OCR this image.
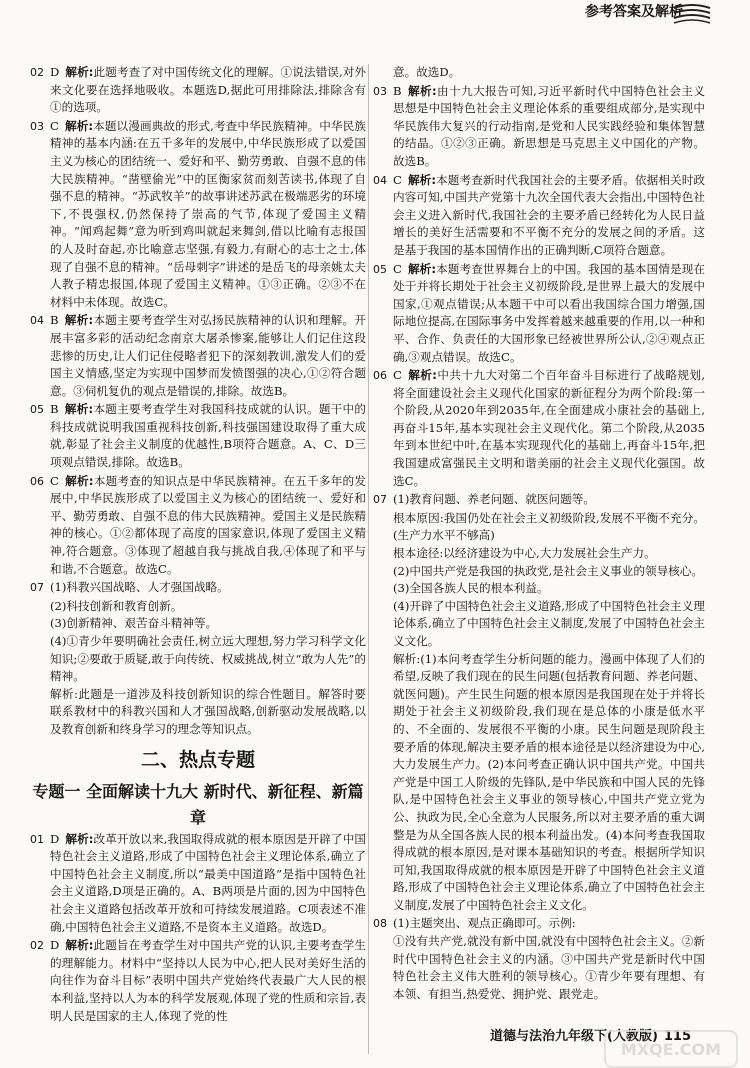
参考答案及解析
02 D 解析:此题考查了对中国传统文化的理解。①说法错误,对外来文化要在选择地吸收。本题选D,据此可用排除法,排除含有①的选项。
03 C 解析:本题以漫画典故的形式,考查中华民族精神。中华民族精神的基本内涵:在五千多年的发展中,中华民族形成了以爱国主义为核心的团结统一、爱好和平、勤劳勇敢、自强不息的伟大民族精神。“凿壁偷光”中的匡衡家贫而刻苦读书,体现了自强不息的精神。“苏武牧羊”的故事讲述苏武在极端恶劣的环境下,不畏强权,仍然保持了崇高的气节,体现了爱国主义精神。“闻鸡起舞”意为听到鸡叫就起来舞剑,借以比喻有志报国的人及时奋起,亦比喻意志坚强,有毅力,有耐心的志士之士,体现了自强不息的精神。“岳母刺字”讲述的是岳飞的母亲姚太夫人教子精忠报国,体现了爱国主义精神。①③正确。②③不在材料中未体现。故选C。
04 B 解析:本题主要考查学生对弘扬民族精神的认识和理解。开展丰富多彩的活动纪念南京大屠杀惨案,能够让人们记住这段悲惨的历史,让人们记住侵略者犯下的深刻教训,激发人们的爱国主义情感,坚定为实现中国梦而发愤图强的决心,①②符合题意。③伺机复仇的观点是错误的,排除。故选B。
05 B 解析:本题主要考查学生对我国科技成就的认识。题干中的科技成就说明我国重视科技创新,科技强国建设取得了重大成就,彰显了社会主义制度的优越性,B项符合题意。A、C、D三项观点错误,排除。故选B。
06 C 解析:本题考查的知识点是中华民族精神。在五千多年的发展中,中华民族形成了以爱国主义为核心的团结统一、爱好和平、勤劳勇敢、自强不息的伟大民族精神。爱国主义是民族精神的核心。①②都体现了高度的国家意识,体现了爱国主义精神,符合题意。③体现了超越自我与挑战自我,④体现了和平与和谐,不合题意。故选C。
07 (1)科教兴国战略、人才强国战略。
(2)科技创新和教育创新。
(3)创新精神、艰苦奋斗精神等。
(4)①青少年要明确社会责任,树立远大理想,努力学习科学文化知识;②要敢于质疑,敢于向传统、权威挑战,树立“敢为人先”的精神。
解析:此题是一道涉及科技创新知识的综合性题目。解答时要联系教材中的科教兴国和人才强国战略,创新驱动发展战略,以及教育创新和终身学习的理念等知识点。
二、热点专题
专题一 全面解读十九大 新时代、新征程、新篇章
01 D 解析:改革开放以来,我国取得成就的根本原因是开辟了中国特色社会主义道路,形成了中国特色社会主义理论体系,确立了中国特色社会主义制度,所以“最美中国道路”是指中国特色社会主义道路,D项是正确的。A、B两项是片面的,因为中国特色社会主义道路包括改革开放和可持续发展道路。C项表述不准确,中国特色社会主义道路,不是资本主义道路。故选D。
02 D 解析:此题旨在考查学生对中国共产党的认识,主要考查学生的理解能力。材料中“坚持以人民为中心,把人民对美好生活的向往作为奋斗目标”表明中国共产党始终代表最广大人民的根本利益,坚持以人为本的科学发展观,体现了党的性质和宗旨,表明人民是国家的主人,体现了党的性
意。故选D。
03 B 解析:由十九大报告可知,习近平新时代中国特色社会主义思想是中国特色社会主义理论体系的重要组成部分,是实现中华民族伟大复兴的行动指南,是党和人民实践经验和集体智慧的结晶。①②③正确。新思想是马克思主义中国化的产物。故选B。
04 C 解析:本题考查新时代我国社会的主要矛盾。依据相关时政内容可知,中国共产党第十九次全国代表大会指出,中国特色社会主义进入新时代,我国社会的主要矛盾已经转化为人民日益增长的美好生活需要和不平衡不充分的发展之间的矛盾。这是基于我国的基本国情作出的正确判断,C项符合题意。
05 C 解析:本题考查世界舞台上的中国。我国的基本国情是现在处于并将长期处于社会主义初级阶段,是世界上最大的发展中国家,①观点错误;从本题干中可以看出我国综合国力增强,国际地位提高,在国际事务中发挥着越来越重要的作用,以一种和平、合作、负责任的大国形象已经被世界所公认,②④观点正确,③观点错误。故选C。
06 C 解析:中共十九大对第二个百年奋斗目标进行了战略规划,将全面建设社会主义现代化国家的新征程分为两个阶段:第一个阶段,从2020年到2035年,在全面建成小康社会的基础上,再奋斗15年,基本实现社会主义现代化。第二个阶段,从2035年到本世纪中叶,在基本实现现代化的基础上,再奋斗15年,把我国建成富强民主文明和谐美丽的社会主义现代化强国。故选C。
07 (1)教育问题、养老问题、就医问题等。
根本原因:我国仍处在社会主义初级阶段,发展不平衡不充分。(生产力水平不够高)
根本途径:以经济建设为中心,大力发展社会生产力。
(2)中国共产党是我国的执政党,是社会主义事业的领导核心。
(3)全国各族人民的根本利益。
(4)开辟了中国特色社会主义道路,形成了中国特色社会主义理论体系,确立了中国特色社会主义制度,发展了中国特色社会主义文化。
解析:(1)本问考查学生分析问题的能力。漫画中体现了人们的希望,反映了我们现在的民生问题(包括教育问题、养老问题、就医问题)。产生民生问题的根本原因是我国现在处于并将长期处于社会主义初级阶段,我们现在是总体的小康是低水平的、不全面的、发展很不平衡的小康。民生问题是现阶段主要矛盾的体现,解决主要矛盾的根本途径是以经济建设为中心,大力发展生产力。(2)本问考查正确认识中国共产党。中国共产党是中国工人阶级的先锋队,是中华民族和中国人民的先锋队,是中国特色社会主义事业的领导核心,中国共产党立党为公、执政为民,全心全意为人民服务,所以对主要矛盾的重大调整是为从全国各族人民的根本利益出发。(4)本问考查我国取得成就的根本原因,是对课本基础知识的考查。根据所学知识可知,我国取得成就的根本原因是开辟了中国特色社会主义道路,形成了中国特色社会主义理论体系,确立了中国特色社会主义制度,发展了中国特色社会主义文化。
08 (1)主题突出、观点正确即可。示例:
①没有共产党,就没有新中国,就没有中国特色社会主义。②新时代中国特色社会主义的内涵。③中国共产党是新时代中国特色社会主义伟大胜利的领导核心。①青少年要有理想、有本领、有担当,热爱党、拥护党、跟党走。
道德与法治九年级下(人教版) 115
MXQE.COM
